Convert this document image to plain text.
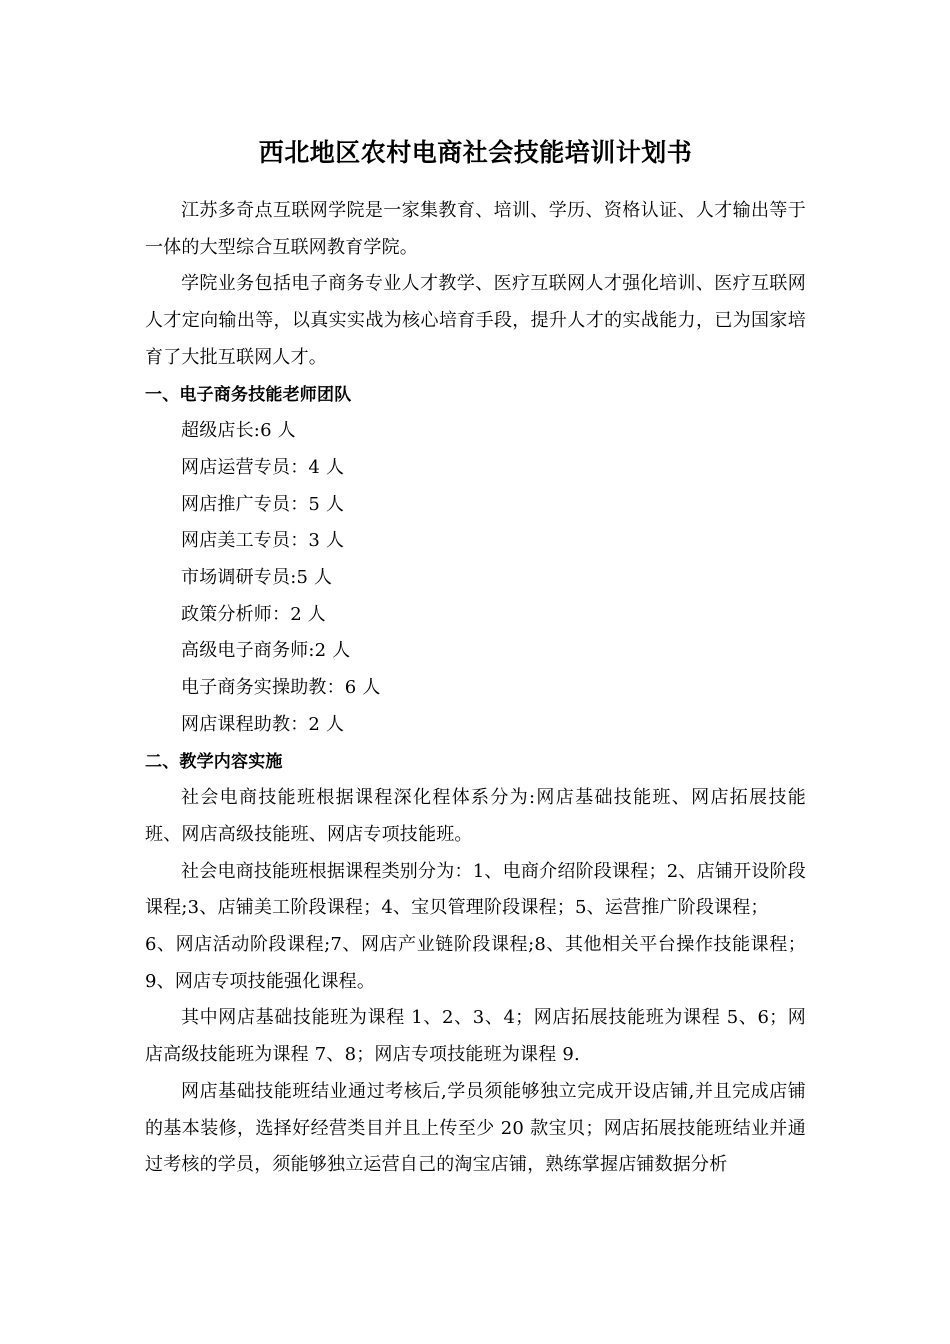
西北地区农村电商社会技能培训计划书

江苏多奇点互联网学院是一家集教育、培训、学历、资格认证、人才输出等于一体的大型综合互联网教育学院。

学院业务包括电子商务专业人才教学、医疗互联网人才强化培训、医疗互联网人才定向输出等，以真实实战为核心培育手段，提升人才的实战能力，已为国家培育了大批互联网人才。

一、电子商务技能老师团队

超级店长:6 人

网店运营专员：4 人

网店推广专员：5 人

网店美工专员：3 人

市场调研专员:5 人

政策分析师：2 人

高级电子商务师:2 人

电子商务实操助教：6 人

网店课程助教：2 人

二、教学内容实施

社会电商技能班根据课程深化程体系分为:网店基础技能班、网店拓展技能班、网店高级技能班、网店专项技能班。

社会电商技能班根据课程类别分为：1、电商介绍阶段课程；2、店铺开设阶段课程;3、店铺美工阶段课程；4、宝贝管理阶段课程；5、运营推广阶段课程；

6、网店活动阶段课程;7、网店产业链阶段课程;8、其他相关平台操作技能课程；9、网店专项技能强化课程。

其中网店基础技能班为课程 1、2、3、4；网店拓展技能班为课程 5、6；网店高级技能班为课程 7、8；网店专项技能班为课程 9.

网店基础技能班结业通过考核后,学员须能够独立完成开设店铺,并且完成店铺的基本装修，选择好经营类目并且上传至少 20 款宝贝；网店拓展技能班结业并通过考核的学员，须能够独立运营自己的淘宝店铺，熟练掌握店铺数据分析
